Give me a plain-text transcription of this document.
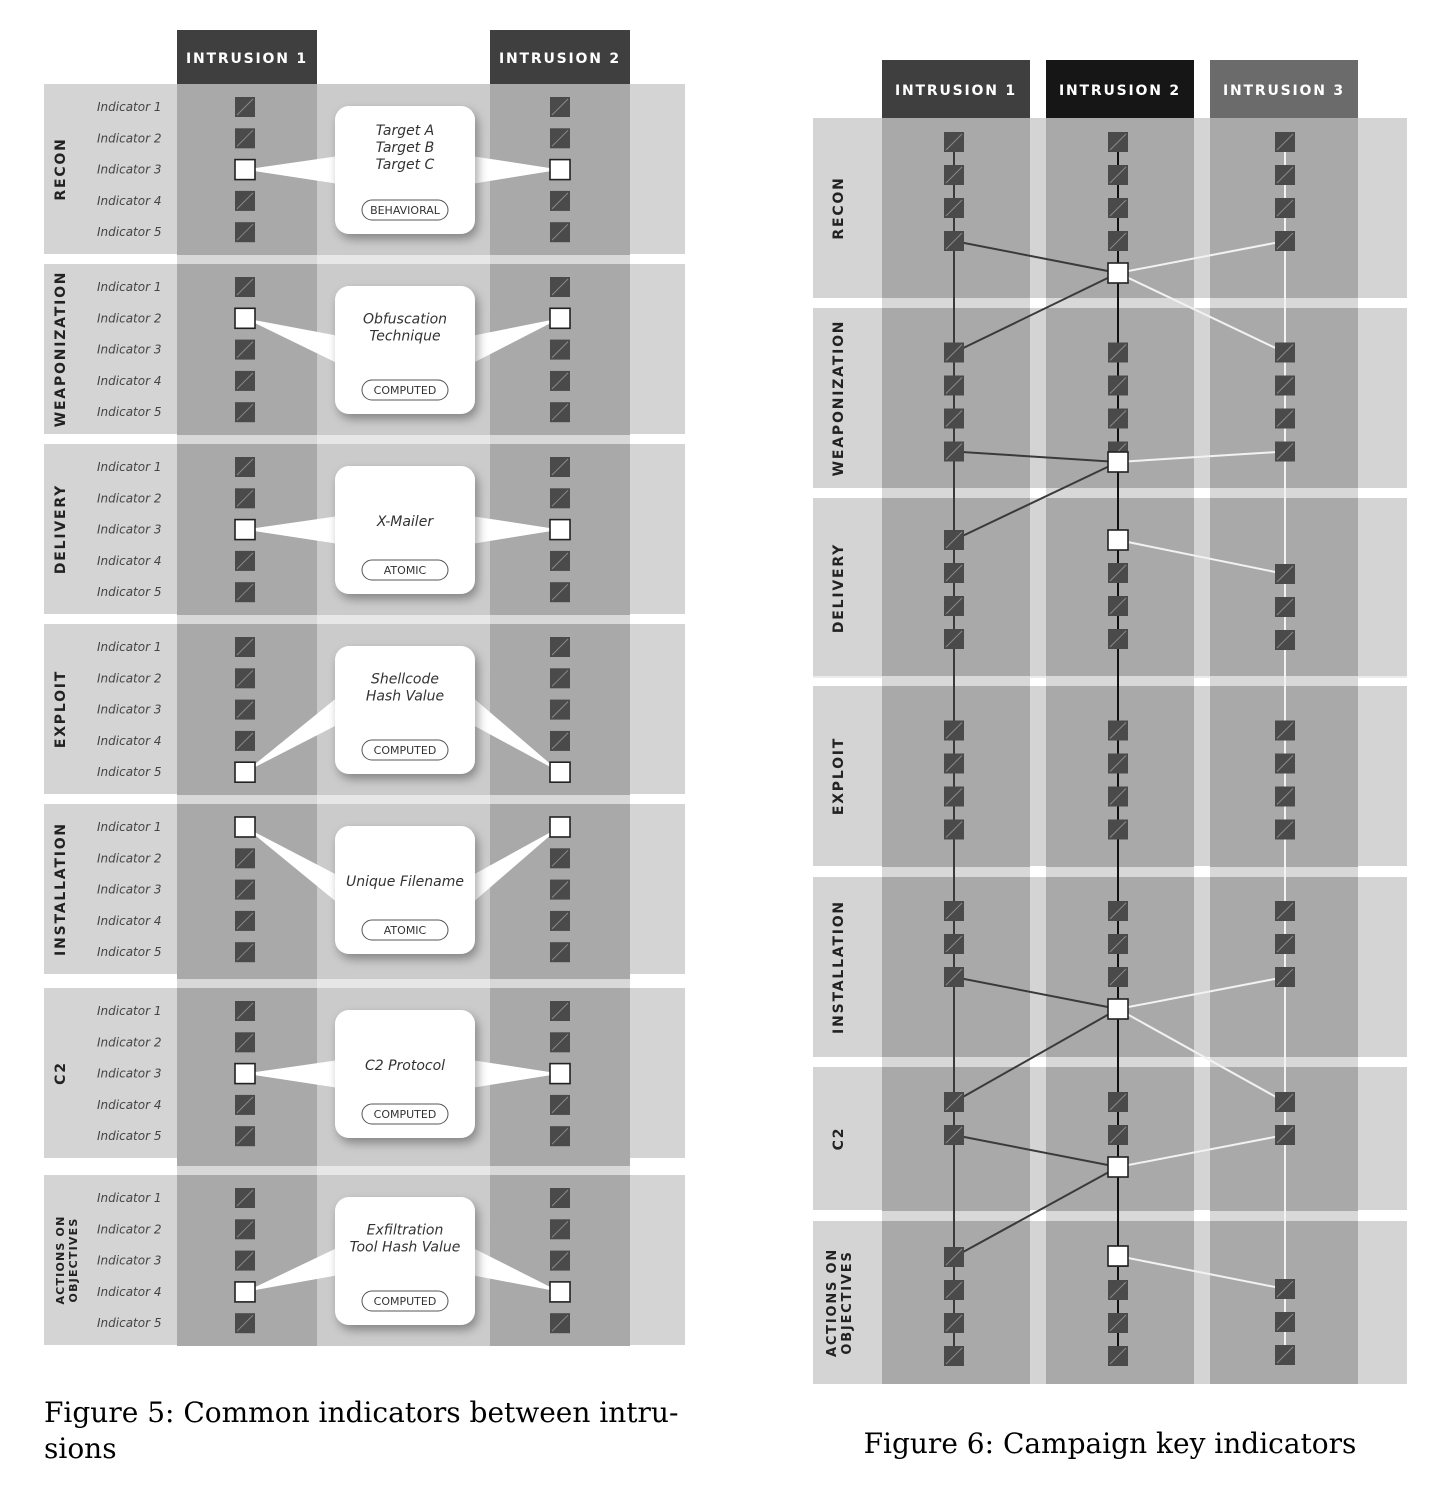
INTRUSION 1	INTRUSION 2
RECON
Indicator 1
Indicator 2
Indicator 3
Indicator 4
Indicator 5
Target A
Target B
Target C
BEHAVIORAL
WEAPONIZATION Indicator 1
Indicator 2
Indicator 3
Indicator 4
Indicator 5
Obfuscation
Technique
COMPUTED
DELIVERY
Indicator 1
Indicator 2
Indicator 3
Indicator 4
Indicator 5
X-Mailer
ATOMIC
EXPLOIT
Indicator 1
Indicator 2
Indicator 3
Indicator 4
Indicator 5
Shellcode
Hash Value
COMPUTED
INSTALLATION Indicator 1
Indicator 2
Indicator 3
Indicator 4
Indicator 5
Unique Filename
ATOMIC
C2
Indicator 1
Indicator 2
Indicator 3
Indicator 4
Indicator 5
C2 Protocol
COMPUTED
ACTIONS ON OBJECTIVES
Indicator 1
Indicator 2
Indicator 3
Indicator 4
Indicator 5
Exfiltration
Tool Hash Value
COMPUTED
Figure 5: Common indicators between intru-
sions
INTRUSION 1	INTRUSION 2	INTRUSION 3
RECON
WEAPONIZATION
DELIVERY
EXPLOIT
INSTALLATION
C2
ACTIONS ON OBJECTIVES
Figure 6: Campaign key indicators
